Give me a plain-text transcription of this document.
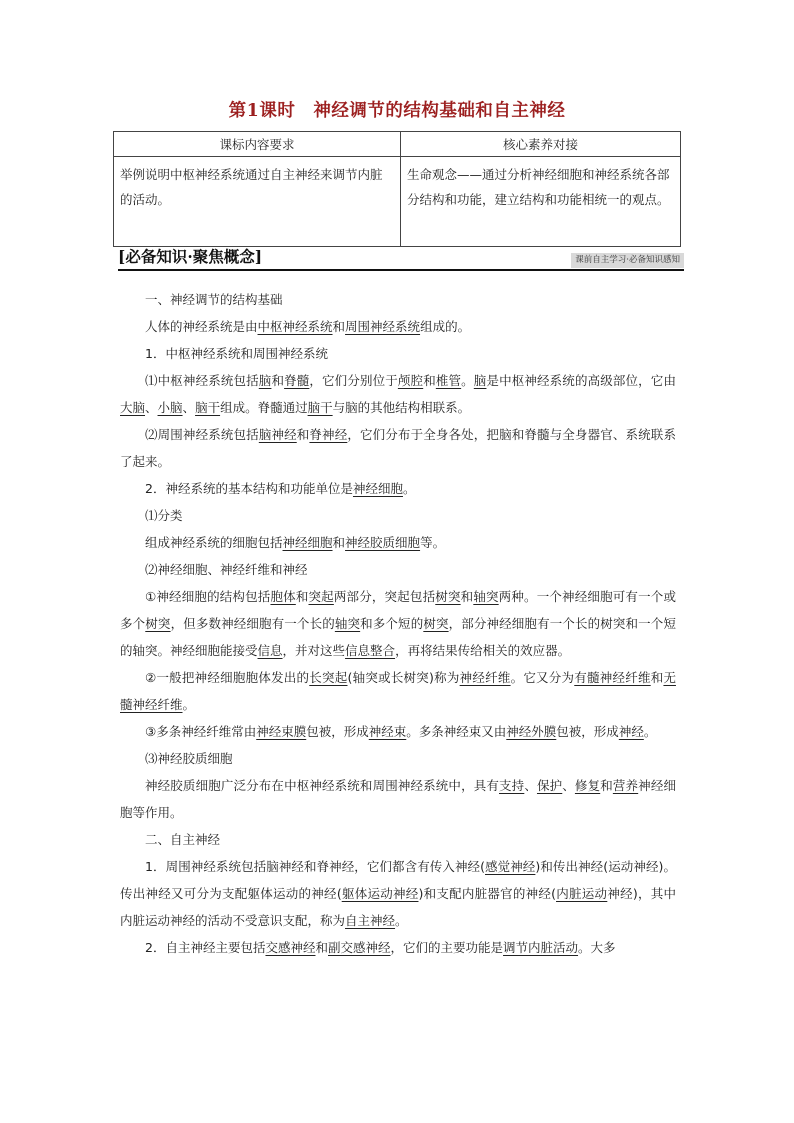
第1课时　神经调节的结构基础和自主神经
课标内容要求	核心素养对接
举例说明中枢神经系统通过自主神经来调节内脏的活动。	生命观念——通过分析神经细胞和神经系统各部分结构和功能，建立结构和功能相统一的观点。
[必备知识·聚焦概念]	课前自主学习·必备知识感知

一、神经调节的结构基础

人体的神经系统是由中枢神经系统和周围神经系统组成的。

1．中枢神经系统和周围神经系统

⑴中枢神经系统包括脑和脊髓，它们分别位于颅腔和椎管。脑是中枢神经系统的高级部位，它由大脑、小脑、脑干组成。脊髓通过脑干与脑的其他结构相联系。

⑵周围神经系统包括脑神经和脊神经，它们分布于全身各处，把脑和脊髓与全身器官、系统联系了起来。

2．神经系统的基本结构和功能单位是神经细胞。

⑴分类

组成神经系统的细胞包括神经细胞和神经胶质细胞等。

⑵神经细胞、神经纤维和神经

①神经细胞的结构包括胞体和突起两部分，突起包括树突和轴突两种。一个神经细胞可有一个或多个树突，但多数神经细胞有一个长的轴突和多个短的树突，部分神经细胞有一个长的树突和一个短的轴突。神经细胞能接受信息，并对这些信息整合，再将结果传给相关的效应器。

②一般把神经细胞胞体发出的长突起(轴突或长树突)称为神经纤维。它又分为有髓神经纤维和无髓神经纤维。

③多条神经纤维常由神经束膜包被，形成神经束。多条神经束又由神经外膜包被，形成神经。

⑶神经胶质细胞

神经胶质细胞广泛分布在中枢神经系统和周围神经系统中，具有支持、保护、修复和营养神经细胞等作用。

二、自主神经

1．周围神经系统包括脑神经和脊神经，它们都含有传入神经(感觉神经)和传出神经(运动神经)。传出神经又可分为支配躯体运动的神经(躯体运动神经)和支配内脏器官的神经(内脏运动神经)，其中内脏运动神经的活动不受意识支配，称为自主神经。

2．自主神经主要包括交感神经和副交感神经，它们的主要功能是调节内脏活动。大多
